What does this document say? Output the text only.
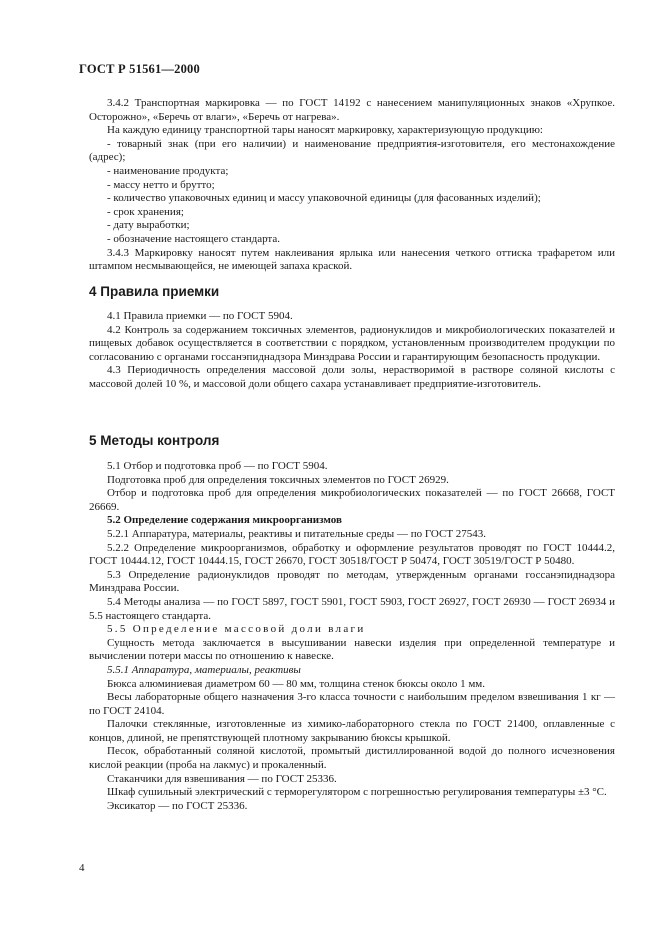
ГОСТ Р 51561—2000

3.4.2 Транспортная маркировка — по ГОСТ 14192 с нанесением манипуляционных знаков «Хрупкое. Осторожно», «Беречь от влаги», «Беречь от нагрева».

На каждую единицу транспортной тары наносят маркировку, характеризующую продукцию:

- товарный знак (при его наличии) и наименование предприятия-изготовителя, его местонахождение (адрес);

- наименование продукта;

- массу нетто и брутто;

- количество упаковочных единиц и массу упаковочной единицы (для фасованных изделий);

- срок хранения;

- дату выработки;

- обозначение настоящего стандарта.

3.4.3 Маркировку наносят путем наклеивания ярлыка или нанесения четкого оттиска трафаретом или штампом несмывающейся, не имеющей запаха краской.

4 Правила приемки

4.1 Правила приемки — по ГОСТ 5904.

4.2 Контроль за содержанием токсичных элементов, радионуклидов и микробиологических показателей и пищевых добавок осуществляется в соответствии с порядком, установленным производителем продукции по согласованию с органами госсанэпиднадзора Минздрава России и гарантирующим безопасность продукции.

4.3 Периодичность определения массовой доли золы, нерастворимой в растворе соляной кислоты с массовой долей 10 %, и массовой доли общего сахара устанавливает предприятие-изготовитель.

5 Методы контроля

5.1 Отбор и подготовка проб — по ГОСТ 5904.

Подготовка проб для определения токсичных элементов по ГОСТ 26929.

Отбор и подготовка проб для определения микробиологических показателей — по ГОСТ 26668, ГОСТ 26669.

5.2 Определение содержания микроорганизмов

5.2.1 Аппаратура, материалы, реактивы и питательные среды — по ГОСТ 27543.

5.2.2 Определение микроорганизмов, обработку и оформление результатов проводят по ГОСТ 10444.2, ГОСТ 10444.12, ГОСТ 10444.15, ГОСТ 26670, ГОСТ 30518/ГОСТ Р 50474, ГОСТ 30519/ГОСТ Р 50480.

5.3 Определение радионуклидов проводят по методам, утвержденным органами госсанэпиднадзора Минздрава России.

5.4 Методы анализа — по ГОСТ 5897, ГОСТ 5901, ГОСТ 5903, ГОСТ 26927, ГОСТ 26930 — ГОСТ 26934 и 5.5 настоящего стандарта.

5.5 Определение массовой доли влаги

Сущность метода заключается в высушивании навески изделия при определенной температуре и вычислении потери массы по отношению к навеске.

5.5.1 Аппаратура, материалы, реактивы

Бюкса алюминиевая диаметром 60 — 80 мм, толщина стенок бюксы около 1 мм.

Весы лабораторные общего назначения 3-го класса точности с наибольшим пределом взвешивания 1 кг — по ГОСТ 24104.

Палочки стеклянные, изготовленные из химико-лабораторного стекла по ГОСТ 21400, оплавленные с концов, длиной, не препятствующей плотному закрыванию бюксы крышкой.

Песок, обработанный соляной кислотой, промытый дистиллированной водой до полного исчезновения кислой реакции (проба на лакмус) и прокаленный.

Стаканчики для взвешивания — по ГОСТ 25336.

Шкаф сушильный электрический с терморегулятором с погрешностью регулирования температуры ±3 °С.

Эксикатор — по ГОСТ 25336.

4
